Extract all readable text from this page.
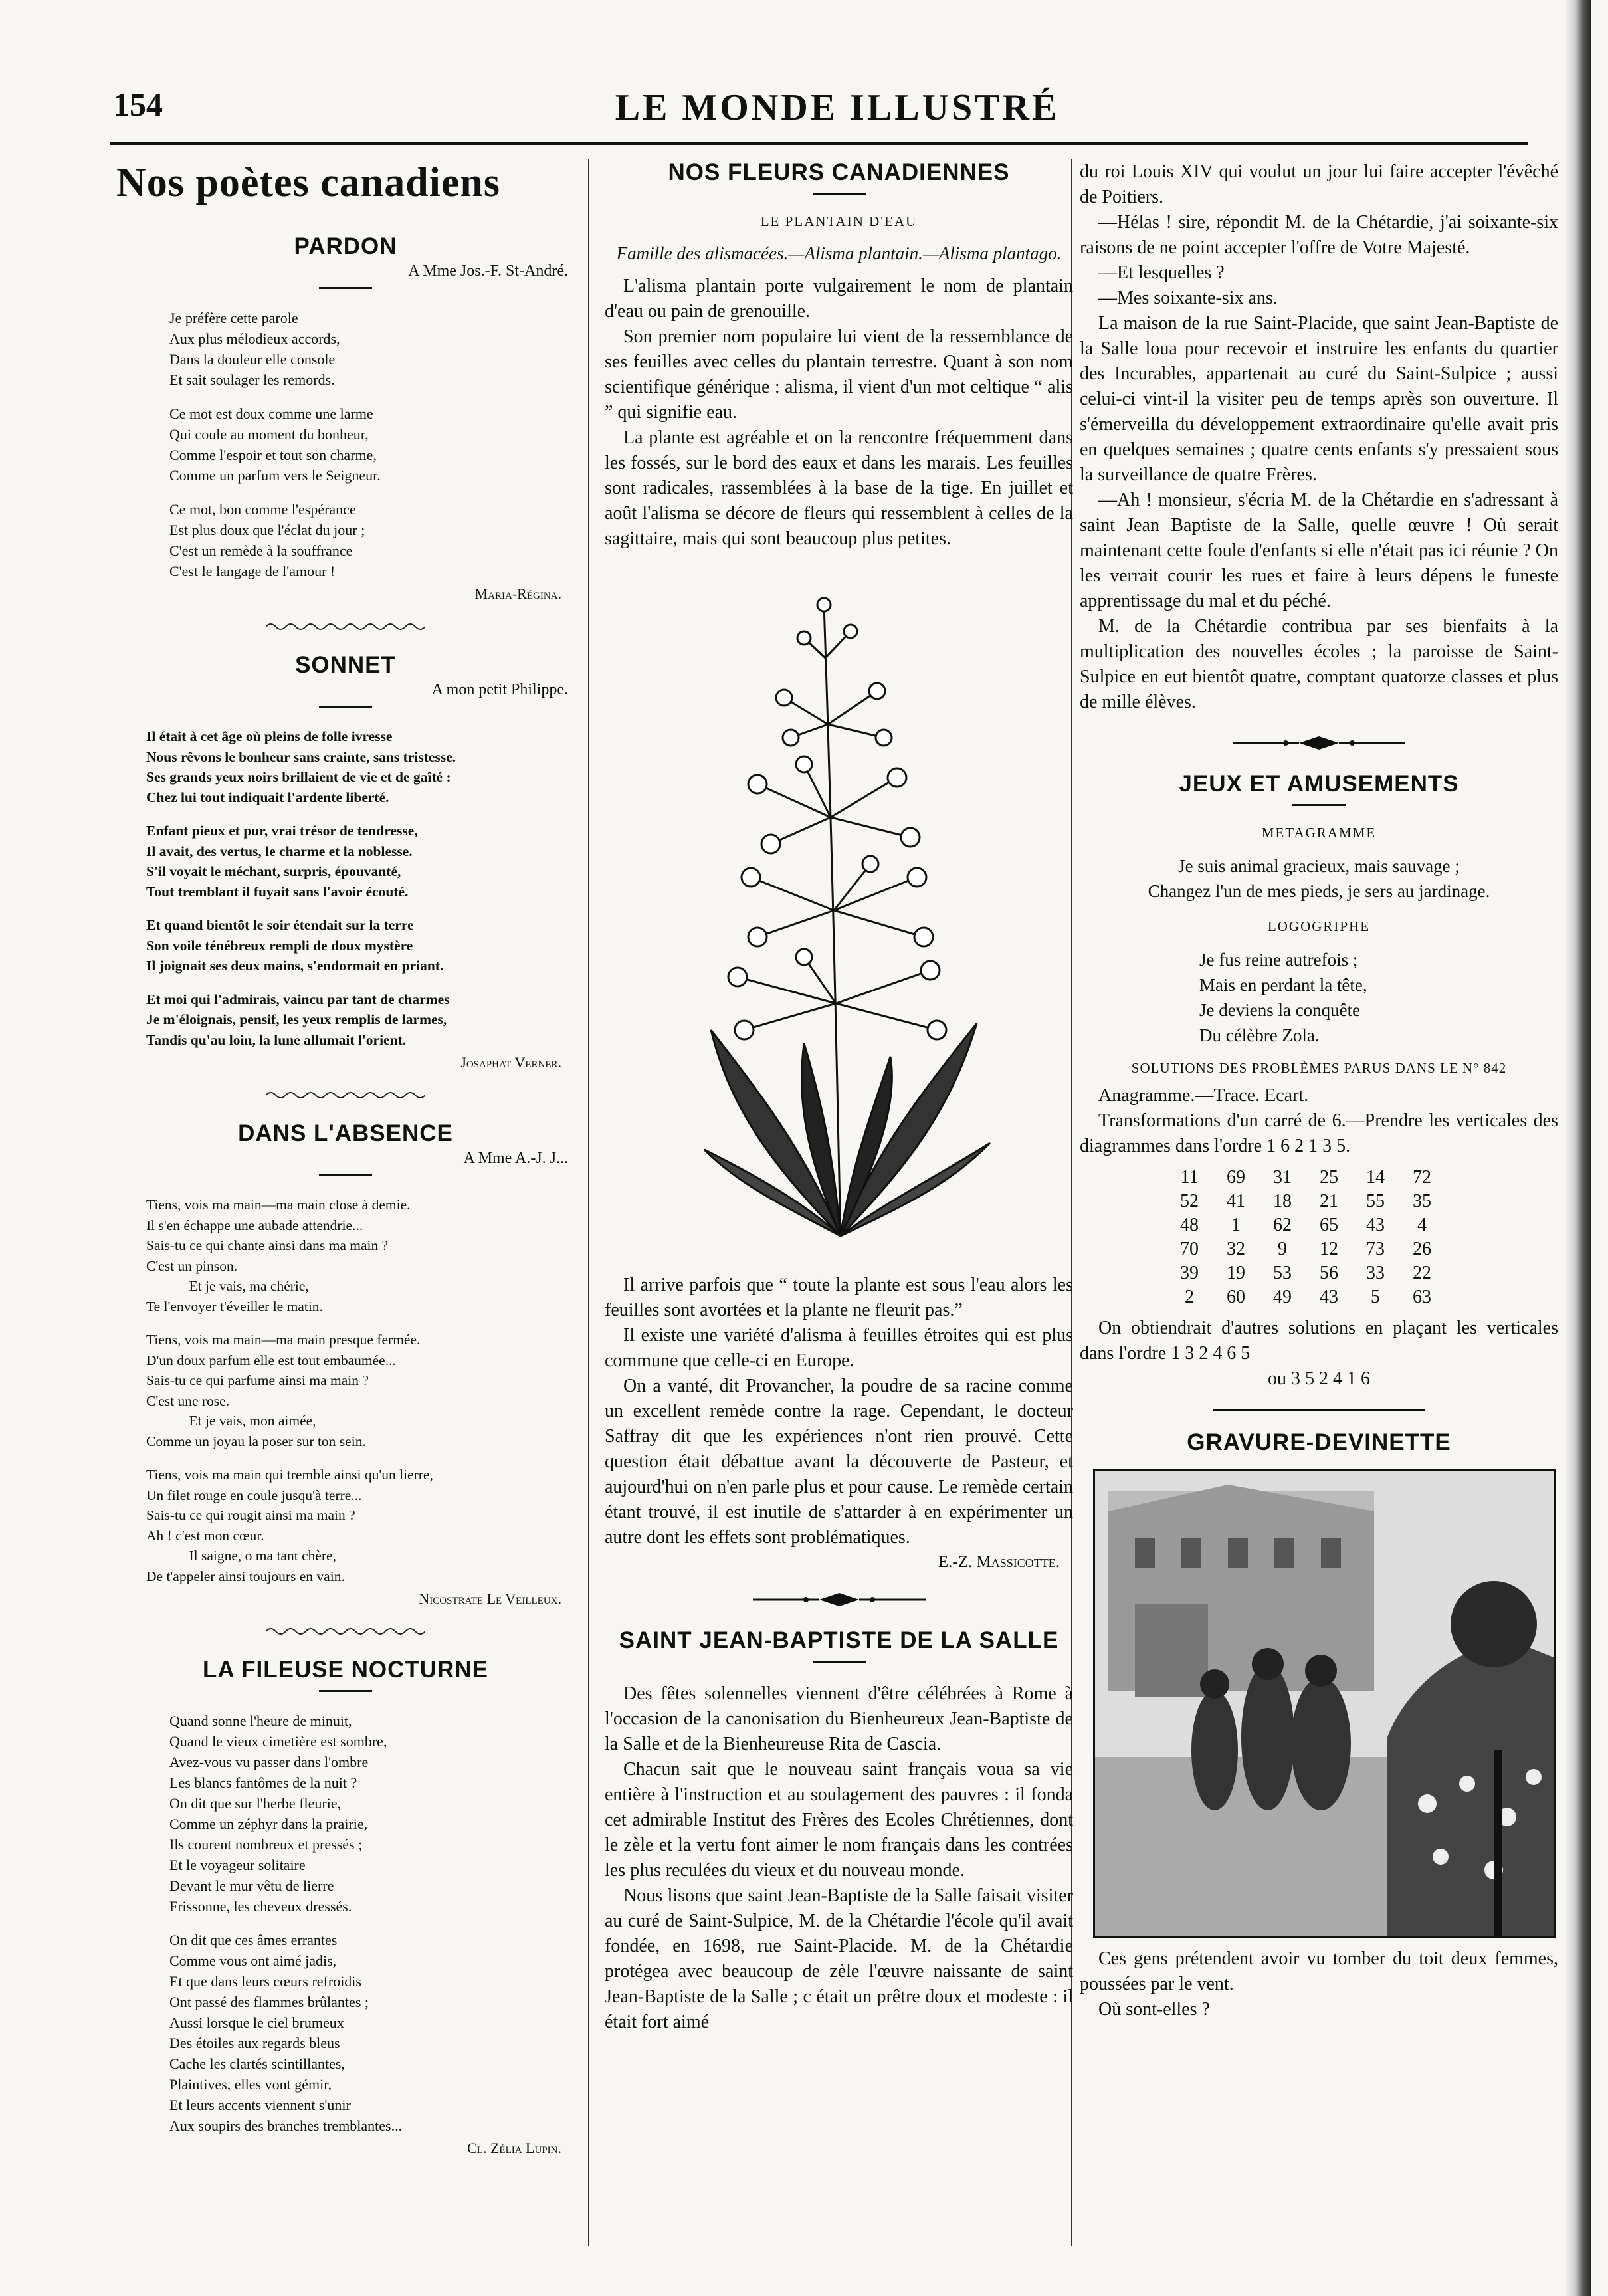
154	LE MONDE ILLUSTRÉ
Nos poètes canadiens
PARDON
A Mme Jos.-F. St-André.
Je préfère cette parole
Aux plus mélodieux accords,
Dans la douleur elle console
Et sait soulager les remords.
Ce mot est doux comme une larme
Qui coule au moment du bonheur,
Comme l'espoir et tout son charme,
Comme un parfum vers le Seigneur.
Ce mot, bon comme l'espérance
Est plus doux que l'éclat du jour ;
C'est un remède à la souffrance
C'est le langage de l'amour !
Maria-Régina.
SONNET
A mon petit Philippe.
Il était à cet âge où pleins de folle ivresse
Nous rêvons le bonheur sans crainte, sans tristesse.
Ses grands yeux noirs brillaient de vie et de gaîté :
Chez lui tout indiquait l'ardente liberté.
Enfant pieux et pur, vrai trésor de tendresse,
Il avait, des vertus, le charme et la noblesse.
S'il voyait le méchant, surpris, épouvanté,
Tout tremblant il fuyait sans l'avoir écouté.
Et quand bientôt le soir étendait sur la terre
Son voile ténébreux rempli de doux mystère
Il joignait ses deux mains, s'endormait en priant.
Et moi qui l'admirais, vaincu par tant de charmes
Je m'éloignais, pensif, les yeux remplis de larmes,
Tandis qu'au loin, la lune allumait l'orient.
Josaphat Verner.
DANS L'ABSENCE
A Mme A.-J. J...
Tiens, vois ma main—ma main close à demie.
Il s'en échappe une aubade attendrie...
Sais-tu ce qui chante ainsi dans ma main ?
C'est un pinson.
Et je vais, ma chérie,
Te l'envoyer t'éveiller le matin.
Tiens, vois ma main—ma main presque fermée.
D'un doux parfum elle est tout embaumée...
Sais-tu ce qui parfume ainsi ma main ?
C'est une rose.
Et je vais, mon aimée,
Comme un joyau la poser sur ton sein.
Tiens, vois ma main qui tremble ainsi qu'un lierre,
Un filet rouge en coule jusqu'à terre...
Sais-tu ce qui rougit ainsi ma main ?
Ah ! c'est mon cœur.
Il saigne, o ma tant chère,
De t'appeler ainsi toujours en vain.
Nicostrate Le Veilleux.
LA FILEUSE NOCTURNE
Quand sonne l'heure de minuit,
Quand le vieux cimetière est sombre,
Avez-vous vu passer dans l'ombre
Les blancs fantômes de la nuit ?
On dit que sur l'herbe fleurie,
Comme un zéphyr dans la prairie,
Ils courent nombreux et pressés ;
Et le voyageur solitaire
Devant le mur vêtu de lierre
Frissonne, les cheveux dressés.
On dit que ces âmes errantes
Comme vous ont aimé jadis,
Et que dans leurs cœurs refroidis
Ont passé des flammes brûlantes ;
Aussi lorsque le ciel brumeux
Des étoiles aux regards bleus
Cache les clartés scintillantes,
Plaintives, elles vont gémir,
Et leurs accents viennent s'unir
Aux soupirs des branches tremblantes...
Cl. Zélia Lupin.
NOS FLEURS CANADIENNES
LE PLANTAIN D'EAU
Famille des alismacées.—Alisma plantain.—Alisma plantago.

L'alisma plantain porte vulgairement le nom de plantain d'eau ou pain de grenouille.

Son premier nom populaire lui vient de la ressemblance de ses feuilles avec celles du plantain terrestre. Quant à son nom scientifique générique : alisma, il vient d'un mot celtique “ alis ” qui signifie eau.

La plante est agréable et on la rencontre fréquemment dans les fossés, sur le bord des eaux et dans les marais. Les feuilles sont radicales, rassemblées à la base de la tige. En juillet et août l'alisma se décore de fleurs qui ressemblent à celles de la sagittaire, mais qui sont beaucoup plus petites.

Il arrive parfois que “ toute la plante est sous l'eau alors les feuilles sont avortées et la plante ne fleurit pas.”

Il existe une variété d'alisma à feuilles étroites qui est plus commune que celle-ci en Europe.

On a vanté, dit Provancher, la poudre de sa racine comme un excellent remède contre la rage. Cependant, le docteur Saffray dit que les expériences n'ont rien prouvé. Cette question était débattue avant la découverte de Pasteur, et aujourd'hui on n'en parle plus et pour cause. Le remède certain étant trouvé, il est inutile de s'attarder à en expérimenter un autre dont les effets sont problématiques.

E.-Z. Massicotte.
SAINT JEAN-BAPTISTE DE LA SALLE

Des fêtes solennelles viennent d'être célébrées à Rome à l'occasion de la canonisation du Bienheureux Jean-Baptiste de la Salle et de la Bienheureuse Rita de Cascia.

Chacun sait que le nouveau saint français voua sa vie entière à l'instruction et au soulagement des pauvres : il fonda cet admirable Institut des Frères des Ecoles Chrétiennes, dont le zèle et la vertu font aimer le nom français dans les contrées les plus reculées du vieux et du nouveau monde.

Nous lisons que saint Jean-Baptiste de la Salle faisait visiter au curé de Saint-Sulpice, M. de la Chétardie l'école qu'il avait fondée, en 1698, rue Saint-Placide. M. de la Chétardie protégea avec beaucoup de zèle l'œuvre naissante de saint Jean-Baptiste de la Salle ; c était un prêtre doux et modeste : il était fort aimé

du roi Louis XIV qui voulut un jour lui faire accepter l'évêché de Poitiers.

—Hélas ! sire, répondit M. de la Chétardie, j'ai soixante-six raisons de ne point accepter l'offre de Votre Majesté.

—Et lesquelles ?

—Mes soixante-six ans.

La maison de la rue Saint-Placide, que saint Jean-Baptiste de la Salle loua pour recevoir et instruire les enfants du quartier des Incurables, appartenait au curé du Saint-Sulpice ; aussi celui-ci vint-il la visiter peu de temps après son ouverture. Il s'émerveilla du développement extraordinaire qu'elle avait pris en quelques semaines ; quatre cents enfants s'y pressaient sous la surveillance de quatre Frères.

—Ah ! monsieur, s'écria M. de la Chétardie en s'adressant à saint Jean Baptiste de la Salle, quelle œuvre ! Où serait maintenant cette foule d'enfants si elle n'était pas ici réunie ? On les verrait courir les rues et faire à leurs dépens le funeste apprentissage du mal et du péché.

M. de la Chétardie contribua par ses bienfaits à la multiplication des nouvelles écoles ; la paroisse de Saint-Sulpice en eut bientôt quatre, comptant quatorze classes et plus de mille élèves.

JEUX ET AMUSEMENTS
METAGRAMME
Je suis animal gracieux, mais sauvage ;
Changez l'un de mes pieds, je sers au jardinage.
LOGOGRIPHE
Je fus reine autrefois ;
Mais en perdant la tête,
Je deviens la conquête
Du célèbre Zola.
SOLUTIONS DES PROBLÈMES PARUS DANS LE N° 842

Anagramme.—Trace. Ecart.

Transformations d'un carré de 6.—Prendre les verticales des diagrammes dans l'ordre 1 6 2 1 3 5.

11	69	31	25	14	72
52	41	18	21	55	35
48	1	62	65	43	4
70	32	9	12	73	26
39	19	53	56	33	22
2	60	49	43	5	63

On obtiendrait d'autres solutions en plaçant les verticales dans l'ordre 1 3 2 4 6 5

ou 3 5 2 4 1 6
GRAVURE-DEVINETTE

Ces gens prétendent avoir vu tomber du toit deux femmes, poussées par le vent.

Où sont-elles ?
